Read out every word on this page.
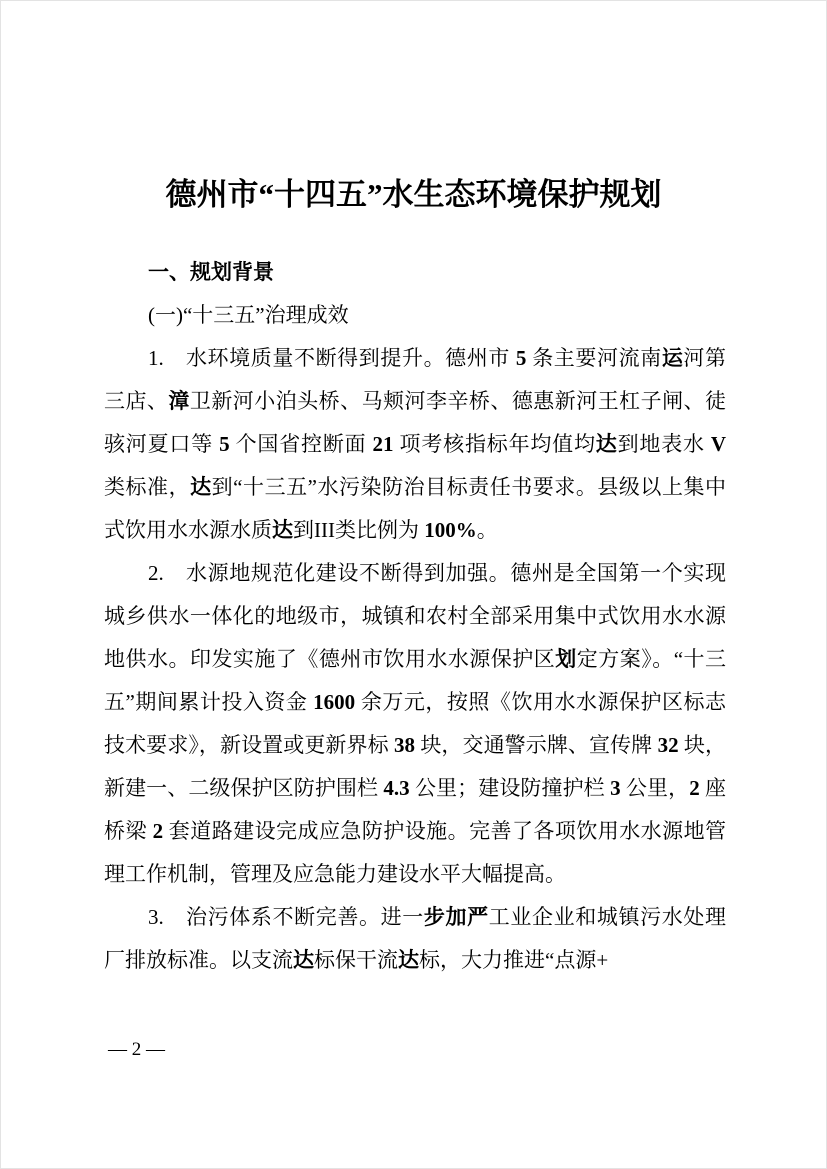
德州市“十四五”水生态环境保护规划

一、规划背景

(一)“十三五”治理成效

1.　水环境质量不断得到提升。德州市 5 条主要河流南运河第三店、漳卫新河小泊头桥、马颊河李辛桥、德惠新河王杠子闸、徒骇河夏口等 5 个国省控断面 21 项考核指标年均值均达到地表水 V 类标准，达到“十三五”水污染防治目标责任书要求。县级以上集中式饮用水水源水质达到III类比例为 100%。

2.　水源地规范化建设不断得到加强。德州是全国第一个实现城乡供水一体化的地级市，城镇和农村全部采用集中式饮用水水源地供水。印发实施了《德州市饮用水水源保护区划定方案》。“十三五”期间累计投入资金 1600 余万元，按照《饮用水水源保护区标志技术要求》，新设置或更新界标 38 块，交通警示牌、宣传牌 32 块，新建一、二级保护区防护围栏 4.3 公里；建设防撞护栏 3 公里，2 座桥梁 2 套道路建设完成应急防护设施。完善了各项饮用水水源地管理工作机制，管理及应急能力建设水平大幅提高。

3.　治污体系不断完善。进一步加严工业企业和城镇污水处理厂排放标准。以支流达标保干流达标，大力推进“点源+

— 2 —
